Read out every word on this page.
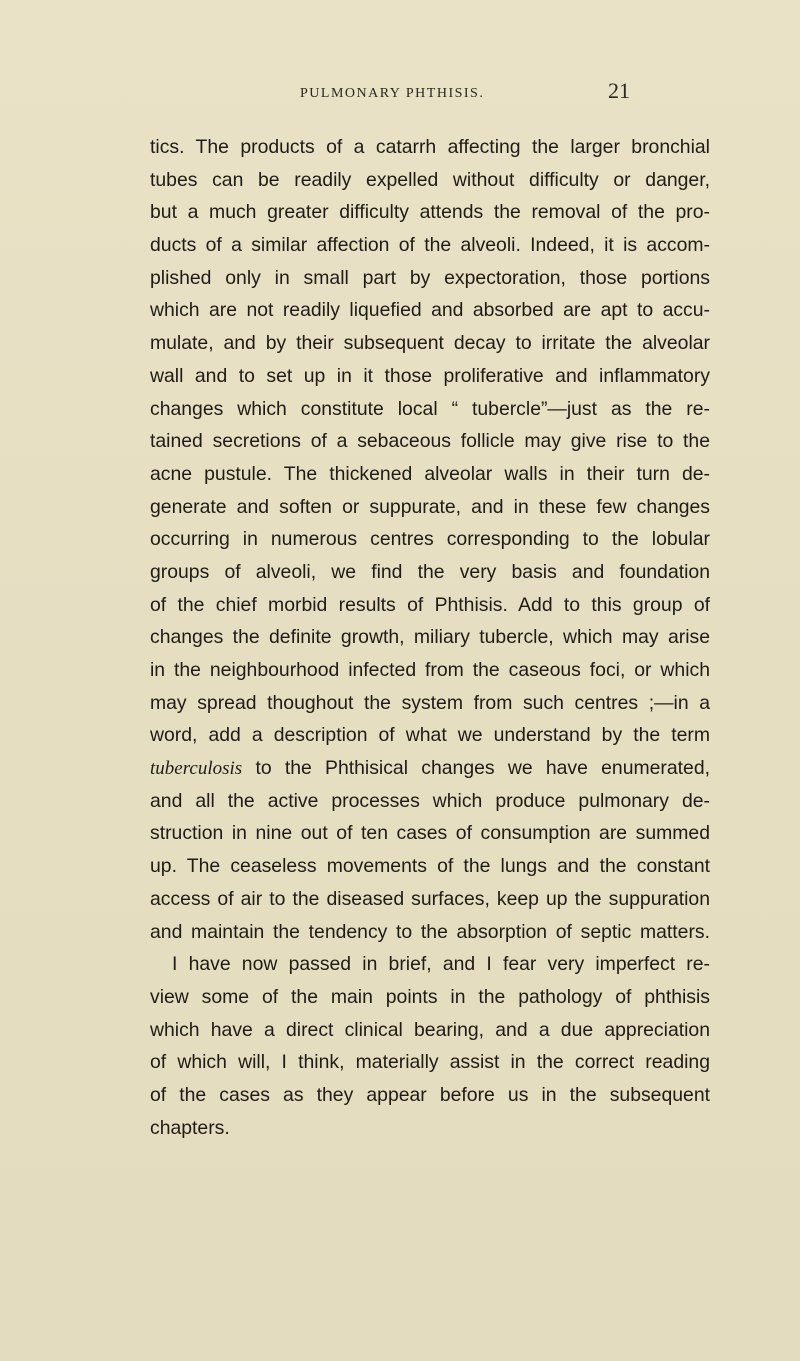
PULMONARY PHTHISIS.	21
tics. The products of a catarrh affecting the larger bronchial
tubes can be readily expelled without difficulty or danger,
but a much greater difficulty attends the removal of the pro-
ducts of a similar affection of the alveoli. Indeed, it is accom-
plished only in small part by expectoration, those portions
which are not readily liquefied and absorbed are apt to accu-
mulate, and by their subsequent decay to irritate the alveolar
wall and to set up in it those proliferative and inflammatory
changes which constitute local “ tubercle”—just as the re-
tained secretions of a sebaceous follicle may give rise to the
acne pustule. The thickened alveolar walls in their turn de-
generate and soften or suppurate, and in these few changes
occurring in numerous centres corresponding to the lobular
groups of alveoli, we find the very basis and foundation
of the chief morbid results of Phthisis. Add to this group of
changes the definite growth, miliary tubercle, which may arise
in the neighbourhood infected from the caseous foci, or which
may spread thoughout the system from such centres ;—in a
word, add a description of what we understand by the term
tuberculosis to the Phthisical changes we have enumerated,
and all the active processes which produce pulmonary de-
struction in nine out of ten cases of consumption are summed
up. The ceaseless movements of the lungs and the constant
access of air to the diseased surfaces, keep up the suppuration
and maintain the tendency to the absorption of septic matters.
I have now passed in brief, and I fear very imperfect re-
view some of the main points in the pathology of phthisis
which have a direct clinical bearing, and a due appreciation
of which will, I think, materially assist in the correct reading
of the cases as they appear before us in the subsequent
chapters.
